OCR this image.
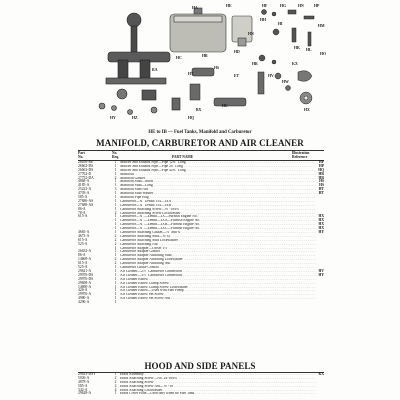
HE	HF	HG	HN	HP
HA
HB
HC
HD
HH
HI
HK HL
HM
HO
HQ
HR
HS
HT
HU
HV
HW
HX
HY	HZ
ET
BX
KX
RA
HN
HE to IB — Fuel Tanks, Manifold and Carburetor
MANIFOLD, CARBURETOR AND AIR CLEANER
Part
No.
No.
Req.	PART NAME
Illustration
Reference
26656-RE	1 Muffler and Exhaust Pipe—Pipe 12¾" Long . . .	HP
26662-DS	1 Muffler and Exhaust Pipe—Pipe 20" Long . . .	HP
26663-DS	1 Muffler and Exhaust Pipe—Pipe 42¾" Long . . .	HQ
27762-D	1 Manifold . . .	HR
27752-DA	2 Manifold Gasket . . .	HR
4868-A	1 Manifold Stud—Short . . .	HS
4185-A	1 Manifold Stud—Long . . .	HS
25223-A	3 Manifold Stud Nut . . .	HT
4703-A	1 Manifold Stud Washer . . .	HT
585-A	1 Manifold Pipe Plug . . .
27686-AS	1 Carburetor—¾" Zenith 154—IXA . . .
27688-AS	1 Carburetor—¾" Zenith 154—IXB . . .
86-A	1 Carburetor Attaching Screw—⅜"-18x¾" . . .
78-A	2 Carburetor Attaching Screw Lockwasher . . .
615-A	1 Carburetor—¾"—Zenith—IX—Furnish Engine No. . . .	HX
1 Carburetor—¾"—Zenith—IXA—Furnish Engine No. . . .	HX
1 Carburetor—¾"—Zenith—IXB—Furnish Engine No. . . .	HX
1 Carburetor—¾"—Zenith—IXC—Furnish Engine No. . . .	HX
4665-A	1 Carburetor Attaching Gasket—⅞" and ¾" . . .	HY
4673-A	2 Carburetor Attaching Stud—⅜"x1" . . .
615-A	2 Carburetor Attaching Stud Lockwasher . . .
525-A	2 Carburetor Attaching Nut . . .
1 Carburetor Adapter—Offset 1½" . . .
26632-A	1 Carburetor Adapter Gasket . . .
86-A	1 Carburetor Adapter Attaching Stud . . .
14669-A	2 Carburetor Adapter Attaching Lockwasher . . .
615-A	2 Carburetor Adapter Attaching Nut . . .
525-A	1 Carburetor Choke Control . . .
29621-A	1 Air Cleaner—2½" Carburetor Connection . . .	HV
29976-DS	1 Air Cleaner—3½" Carburetor Connection . . .	HY
29976-DS	1 Air Cleaner Elbow . . .
29698-A	1 Air Cleaner Elbow Clamp Screw . . .
14690-A	1 Air Cleaner Elbow Clamp Screw Lockwasher . . .
426-A	1 Air Cleaner Elbow—Used with Fuel Pump . . .
29976-A	1 Air Cleaner Elbow Set Screw . . .
4980-A	1 Air Cleaner Elbow Set Screw Nut . . .
4296-A	1
HOOD AND SIDE PANELS
29633-DSY	1 Hood Assembly . . .	KX
5026-A	2 Hood Attaching Screw—No. 24-16x¾" . . .
4878-A	2 Hood Attaching Screw . . .
585-A	2 Hood Attaching Screw Nut—⅝"-18 . . .
342-A	4 Hood Attaching Lockwasher . . .
29628-A	1 Hood Cover Plate—Used only when no Fuel Tank . . .
